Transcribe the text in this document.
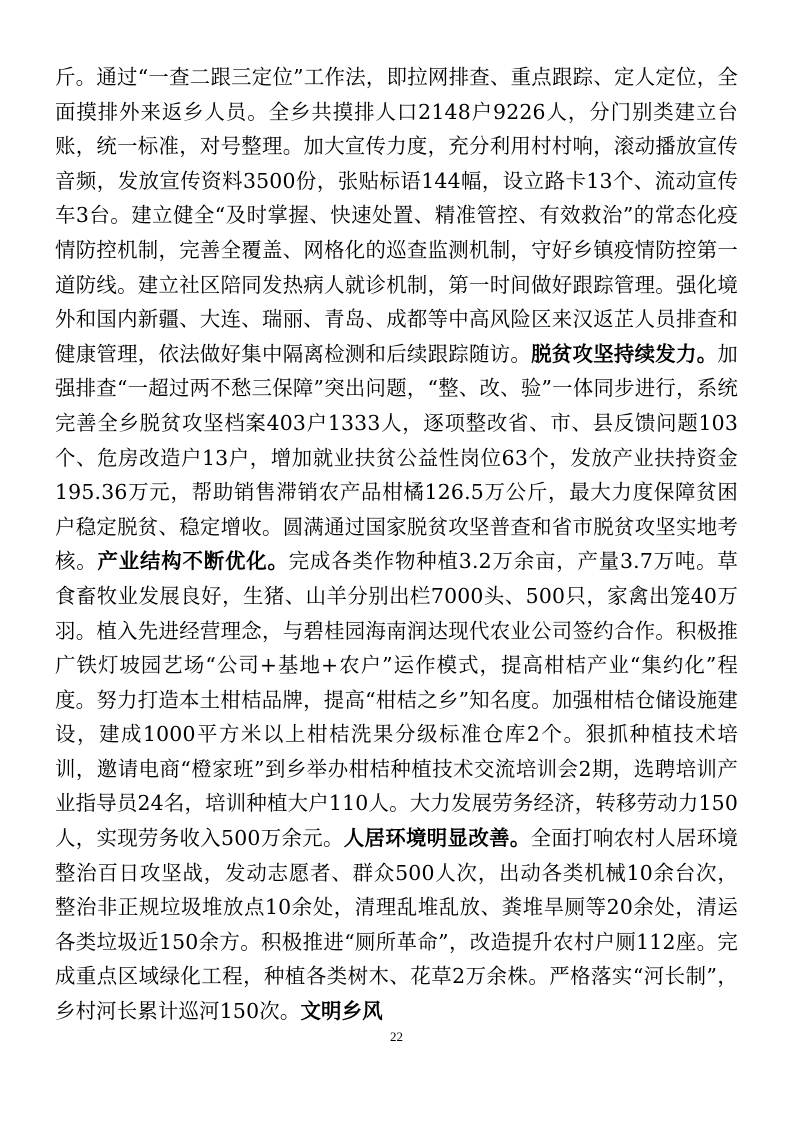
斤。通过“一查二跟三定位”工作法，即拉网排查、重点跟踪、定人定位，全面摸排外来返乡人员。全乡共摸排人口2148户9226人，分门别类建立台账，统一标准，对号整理。加大宣传力度，充分利用村村响，滚动播放宣传音频，发放宣传资料3500份，张贴标语144幅，设立路卡13个、流动宣传车3台。建立健全“及时掌握、快速处置、精准管控、有效救治”的常态化疫情防控机制，完善全覆盖、网格化的巡查监测机制，守好乡镇疫情防控第一道防线。建立社区陪同发热病人就诊机制，第一时间做好跟踪管理。强化境外和国内新疆、大连、瑞丽、青岛、成都等中高风险区来汉返芷人员排查和健康管理，依法做好集中隔离检测和后续跟踪随访。脱贫攻坚持续发力。加强排查“一超过两不愁三保障”突出问题，“整、改、验”一体同步进行，系统完善全乡脱贫攻坚档案403户1333人，逐项整改省、市、县反馈问题103个、危房改造户13户，增加就业扶贫公益性岗位63个，发放产业扶持资金195.36万元，帮助销售滞销农产品柑橘126.5万公斤，最大力度保障贫困户稳定脱贫、稳定增收。圆满通过国家脱贫攻坚普查和省市脱贫攻坚实地考核。产业结构不断优化。完成各类作物种植3.2万余亩，产量3.7万吨。草食畜牧业发展良好，生猪、山羊分别出栏7000头、500只，家禽出笼40万羽。植入先进经营理念，与碧桂园海南润达现代农业公司签约合作。积极推广铁灯坡园艺场“公司+基地+农户”运作模式，提高柑桔产业“集约化”程度。努力打造本土柑桔品牌，提高“柑桔之乡”知名度。加强柑桔仓储设施建设，建成1000平方米以上柑桔洗果分级标准仓库2个。狠抓种植技术培训，邀请电商“橙家班”到乡举办柑桔种植技术交流培训会2期，选聘培训产业指导员24名，培训种植大户110人。大力发展劳务经济，转移劳动力150人，实现劳务收入500万余元。人居环境明显改善。全面打响农村人居环境整治百日攻坚战，发动志愿者、群众500人次，出动各类机械10余台次，整治非正规垃圾堆放点10余处，清理乱堆乱放、粪堆旱厕等20余处，清运各类垃圾近150余方。积极推进“厕所革命”，改造提升农村户厕112座。完成重点区域绿化工程，种植各类树木、花草2万余株。严格落实“河长制”，乡村河长累计巡河150次。文明乡风

22
